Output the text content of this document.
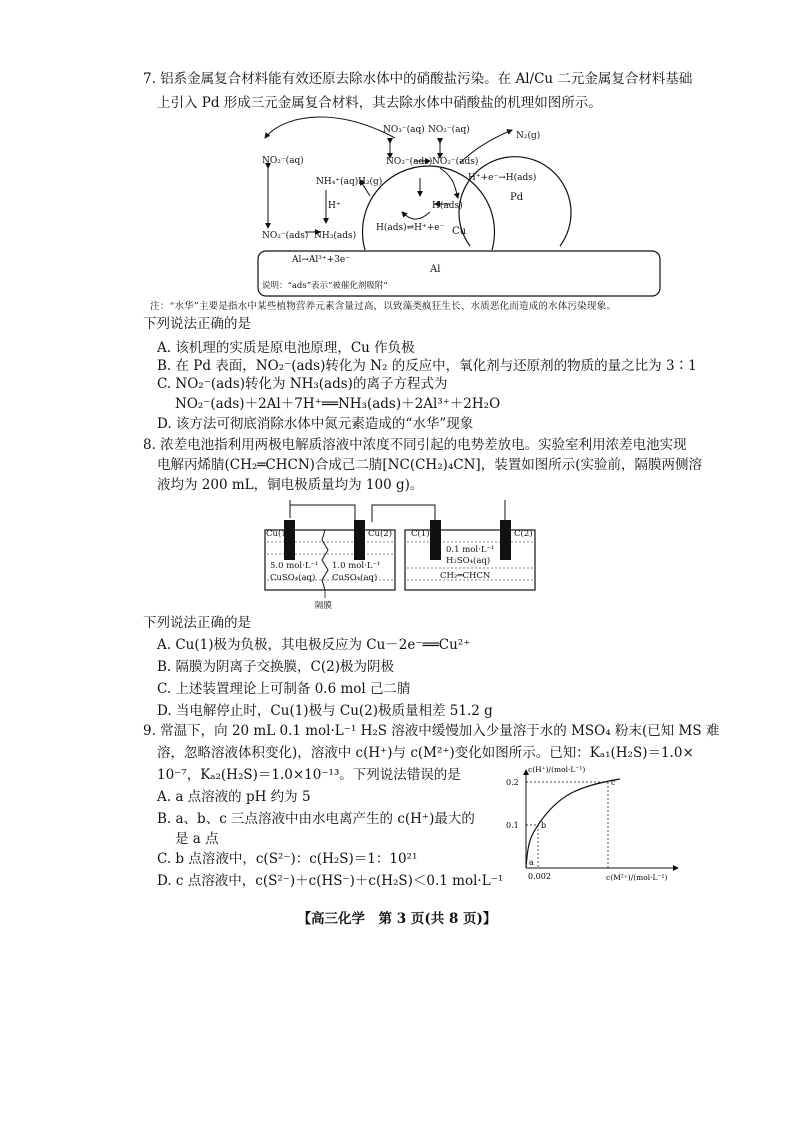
7. 铝系金属复合材料能有效还原去除水体中的硝酸盐污染。在 Al/Cu 二元金属复合材料基础
上引入 Pd 形成三元金属复合材料，其去除水体中硝酸盐的机理如图所示。
NO₂⁻(aq)
NO₃⁻(aq) NO₂⁻(aq)
N₂(g)
NO₃⁻(ads) NO₂⁻(ads)
NH₄⁺(aq) H₂(g)	H⁺+e⁻→H(ads)
Pd
H⁺	H(ads)
H(ads)⇌H⁺+e⁻ Cu
NO₂⁻(ads) NH₃(ads)
Al→Al³⁺+3e⁻
Al
说明：“ads”表示“被催化剂吸附”
注：“水华”主要是指水中某些植物营养元素含量过高，以致藻类疯狂生长、水质恶化而造成的水体污染现象。
下列说法正确的是
A. 该机理的实质是原电池原理，Cu 作负极
B. 在 Pd 表面，NO₂⁻(ads)转化为 N₂ 的反应中，氧化剂与还原剂的物质的量之比为 3∶1
C. NO₂⁻(ads)转化为 NH₃(ads)的离子方程式为
NO₂⁻(ads)＋2Al＋7H⁺══NH₃(ads)＋2Al³⁺＋2H₂O
D. 该方法可彻底消除水体中氮元素造成的“水华”现象
8. 浓差电池指利用两极电解质溶液中浓度不同引起的电势差放电。实验室利用浓差电池实现
电解丙烯腈(CH₂═CHCN)合成己二腈[NC(CH₂)₄CN]，装置如图所示(实验前，隔膜两侧溶
液均为 200 mL，铜电极质量均为 100 g)。
Cu(1)	Cu(2)
5.0 mol·L⁻¹
CuSO₄(aq)
1.0 mol·L⁻¹
CuSO₄(aq)
隔膜
C(1)	C(2)
0.1 mol·L⁻¹
H₂SO₄(aq)
CH₂═CHCN
下列说法正确的是
A. Cu(1)极为负极，其电极反应为 Cu－2e⁻══Cu²⁺
B. 隔膜为阴离子交换膜，C(2)极为阴极
C. 上述装置理论上可制备 0.6 mol 己二腈
D. 当电解停止时，Cu(1)极与 Cu(2)极质量相差 51.2 g
9. 常温下，向 20 mL 0.1 mol·L⁻¹ H₂S 溶液中缓慢加入少量溶于水的 MSO₄ 粉末(已知 MS 难
溶，忽略溶液体积变化)，溶液中 c(H⁺)与 c(M²⁺)变化如图所示。已知：Kₐ₁(H₂S)＝1.0×
10⁻⁷，Kₐ₂(H₂S)＝1.0×10⁻¹³。下列说法错误的是
A. a 点溶液的 pH 约为 5
B. a、b、c 三点溶液中由水电离产生的 c(H⁺)最大的
是 a 点
C. b 点溶液中，c(S²⁻)：c(H₂S)＝1：10²¹
D. c 点溶液中，c(S²⁻)＋c(HS⁻)＋c(H₂S)＜0.1 mol·L⁻¹
c(H⁺)/(mol·L⁻¹)
c(M²⁺)/(mol·L⁻¹)
a
b
c
0.2
0.1
0.002
【高三化学　第 3 页(共 8 页)】
